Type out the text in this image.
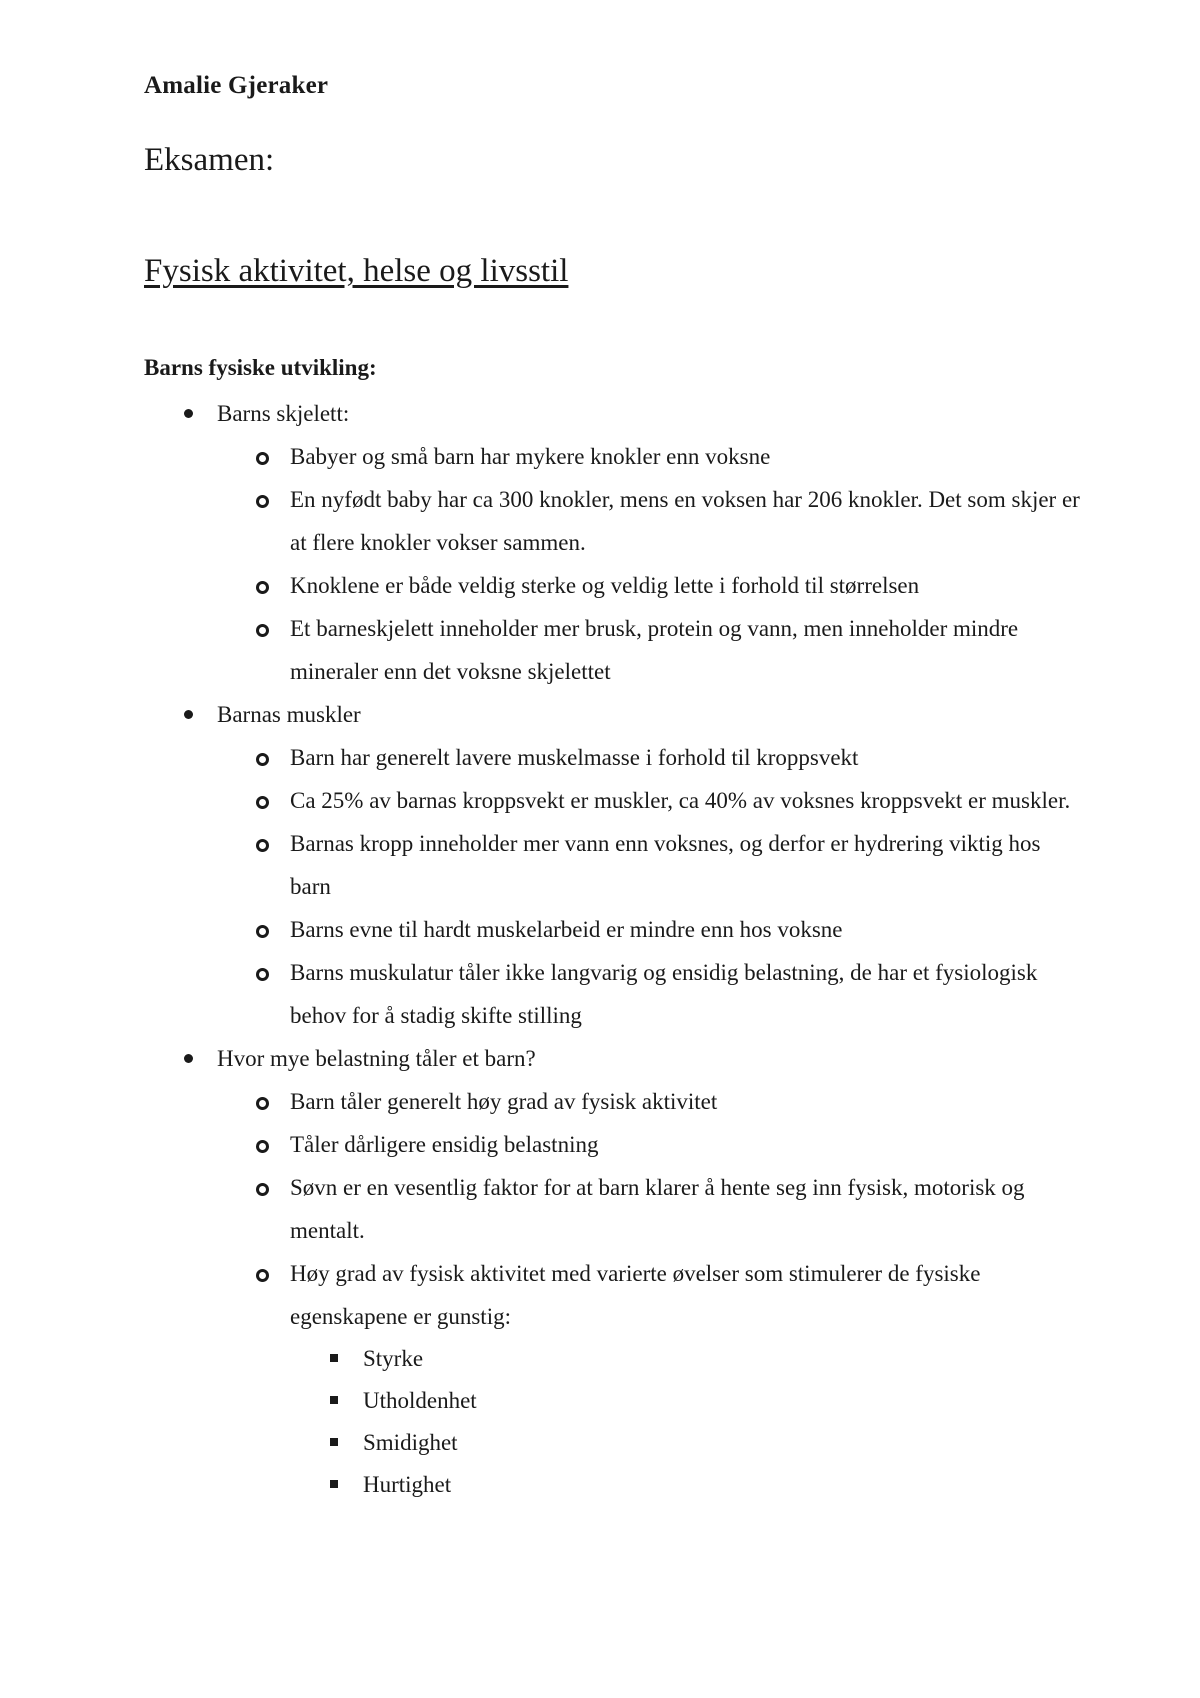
Amalie Gjeraker
Eksamen:
Fysisk aktivitet, helse og livsstil
Barns fysiske utvikling:
Barns skjelett:
Babyer og små barn har mykere knokler enn voksne
En nyfødt baby har ca 300 knokler, mens en voksen har 206 knokler. Det som skjer er at flere knokler vokser sammen.
Knoklene er både veldig sterke og veldig lette i forhold til størrelsen
Et barneskjelett inneholder mer brusk, protein og vann, men inneholder mindre mineraler enn det voksne skjelettet
Barnas muskler
Barn har generelt lavere muskelmasse i forhold til kroppsvekt
Ca 25% av barnas kroppsvekt er muskler, ca 40% av voksnes kroppsvekt er muskler.
Barnas kropp inneholder mer vann enn voksnes, og derfor er hydrering viktig hos barn
Barns evne til hardt muskelarbeid er mindre enn hos voksne
Barns muskulatur tåler ikke langvarig og ensidig belastning, de har et fysiologisk behov for å stadig skifte stilling
Hvor mye belastning tåler et barn?
Barn tåler generelt høy grad av fysisk aktivitet
Tåler dårligere ensidig belastning
Søvn er en vesentlig faktor for at barn klarer å hente seg inn fysisk, motorisk og mentalt.
Høy grad av fysisk aktivitet med varierte øvelser som stimulerer de fysiske egenskapene er gunstig:
Styrke
Utholdenhet
Smidighet
Hurtighet
